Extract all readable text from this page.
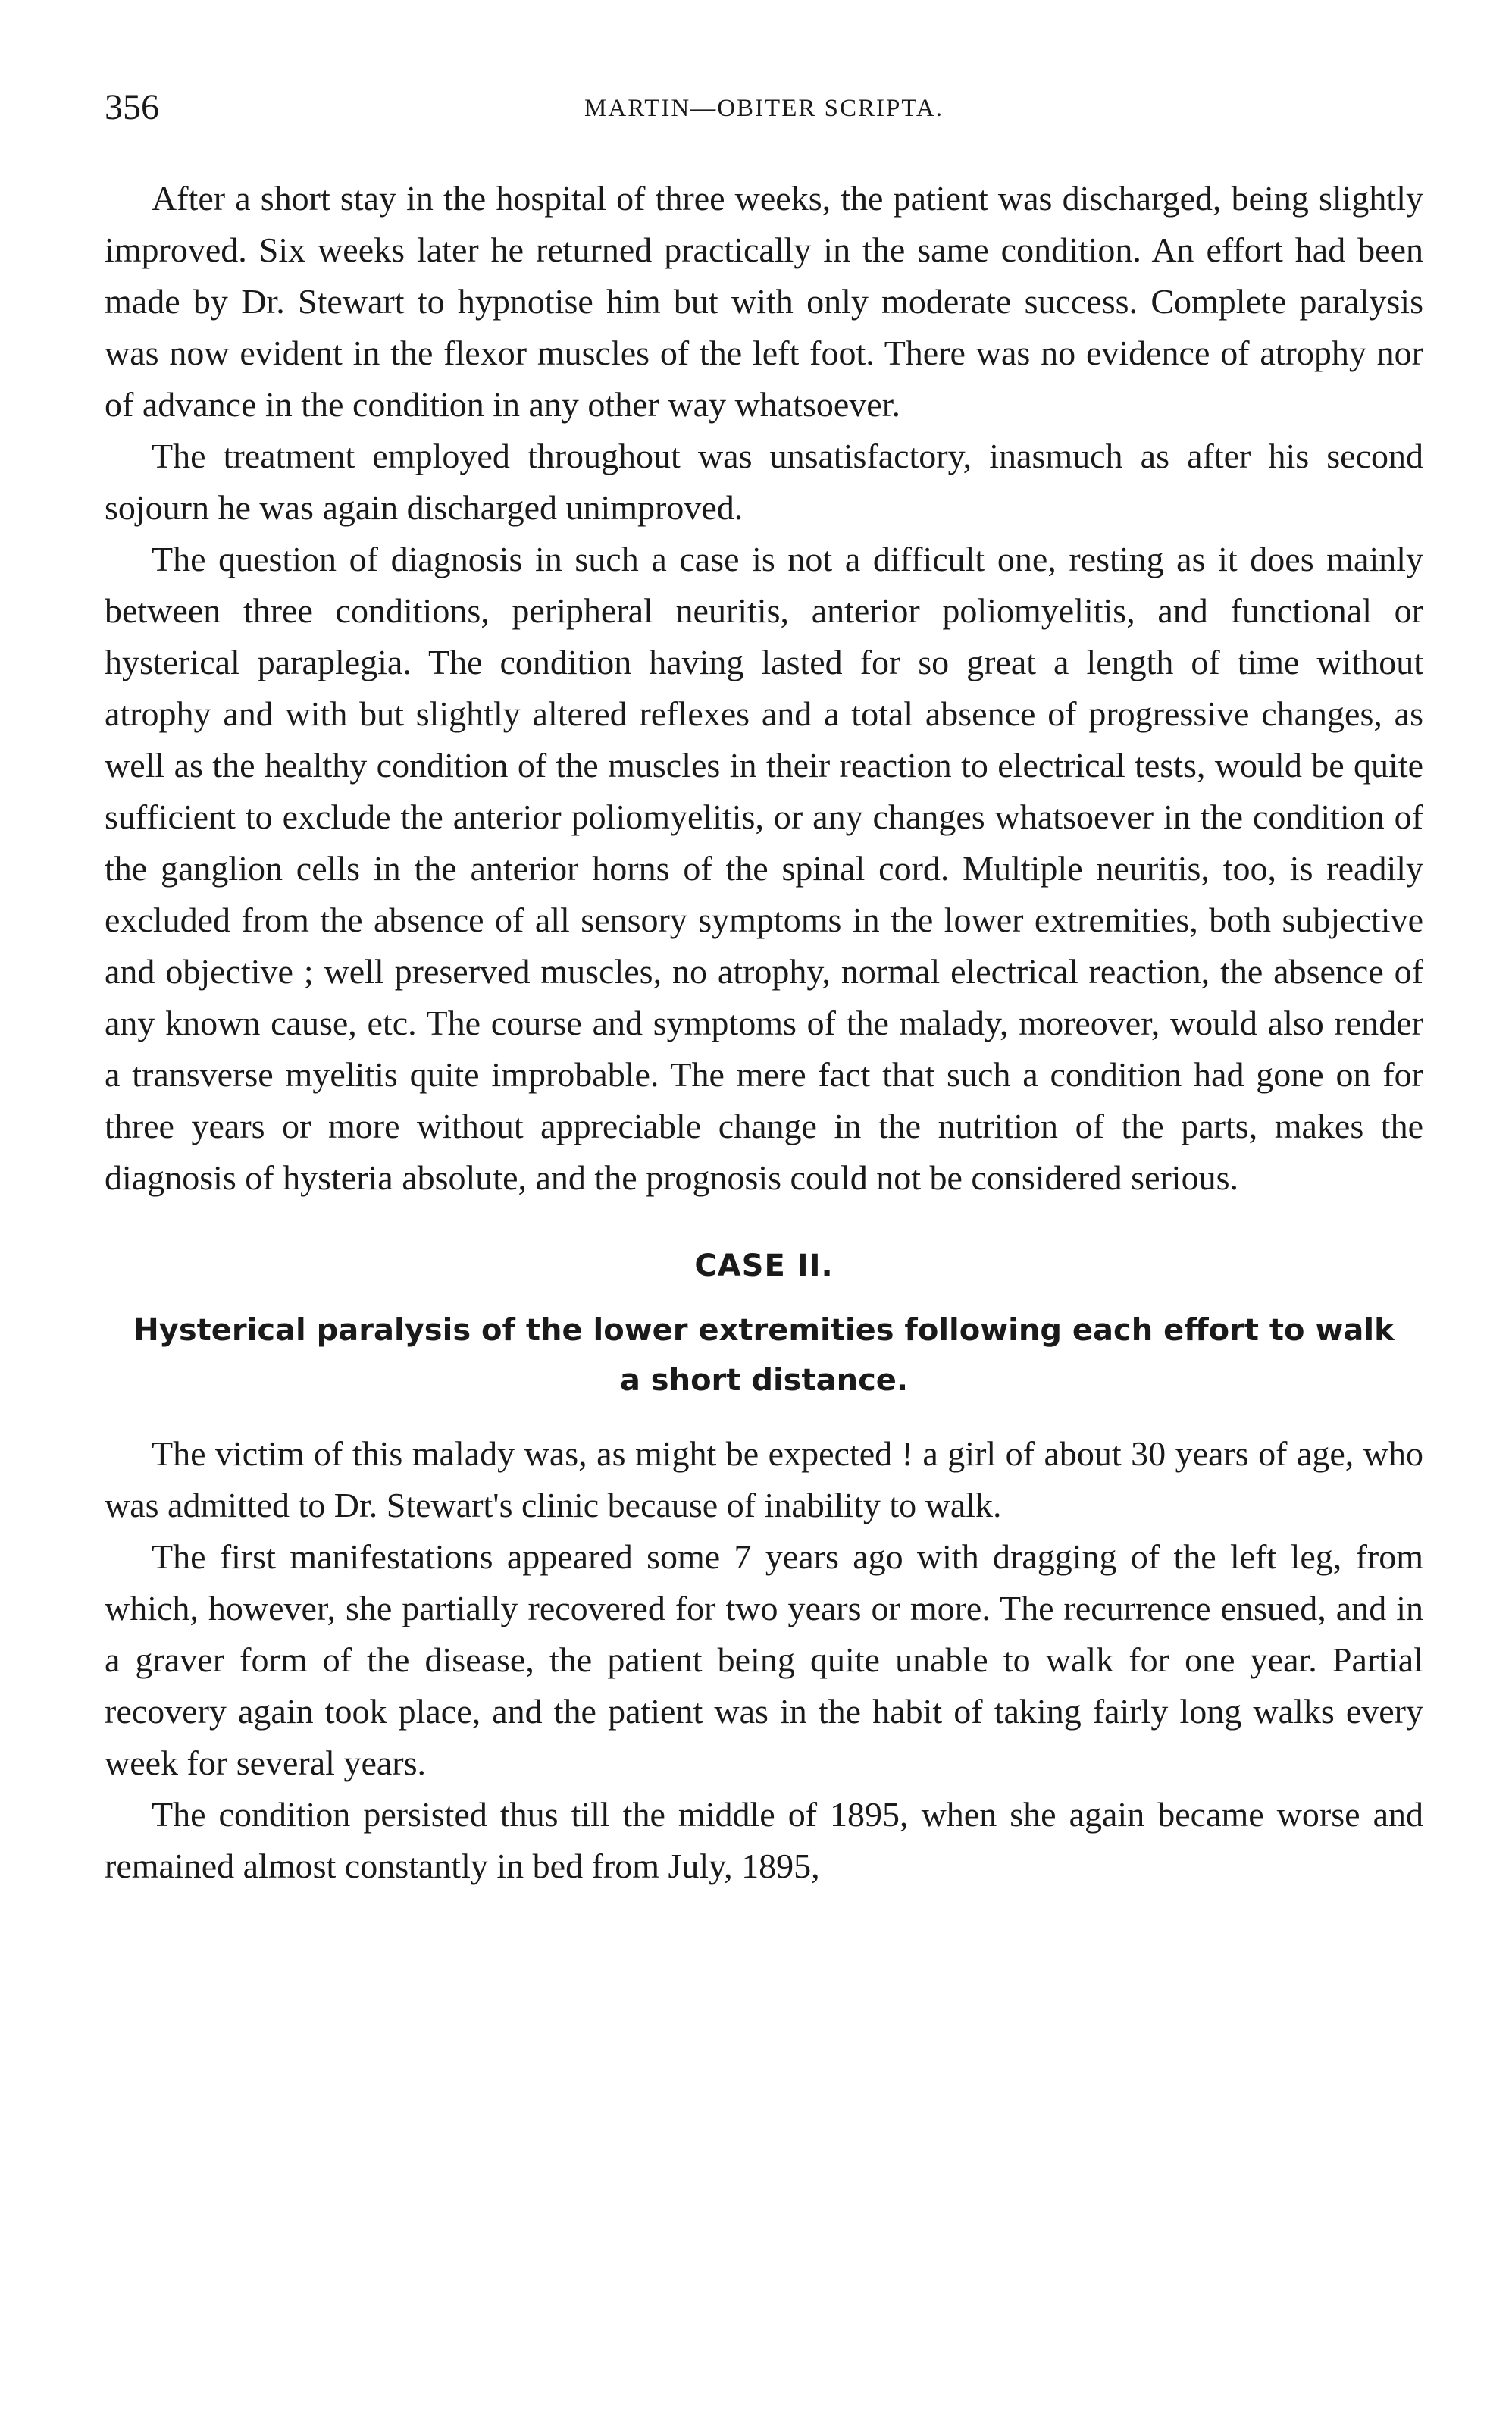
356	MARTIN—OBITER SCRIPTA.

After a short stay in the hospital of three weeks, the patient was discharged, being slightly improved. Six weeks later he returned practically in the same condition. An effort had been made by Dr. Stewart to hypnotise him but with only moderate success. Complete paralysis was now evident in the flexor muscles of the left foot. There was no evidence of atrophy nor of advance in the condition in any other way whatsoever.

The treatment employed throughout was unsatisfactory, inasmuch as after his second sojourn he was again discharged unimproved.

The question of diagnosis in such a case is not a difficult one, resting as it does mainly between three conditions, peripheral neuritis, anterior poliomyelitis, and functional or hysterical paraplegia. The condition having lasted for so great a length of time without atrophy and with but slightly altered reflexes and a total absence of progressive changes, as well as the healthy condition of the muscles in their reaction to electrical tests, would be quite sufficient to exclude the anterior poliomyelitis, or any changes whatsoever in the condition of the ganglion cells in the anterior horns of the spinal cord. Multiple neuritis, too, is readily excluded from the absence of all sensory symptoms in the lower extremities, both subjective and objective ; well preserved muscles, no atrophy, normal electrical reaction, the absence of any known cause, etc. The course and symptoms of the malady, moreover, would also render a transverse myelitis quite improbable. The mere fact that such a condition had gone on for three years or more without appreciable change in the nutrition of the parts, makes the diagnosis of hysteria absolute, and the prognosis could not be considered serious.

CASE II.
Hysterical paralysis of the lower extremities following each effort to walk a short distance.

The victim of this malady was, as might be expected ! a girl of about 30 years of age, who was admitted to Dr. Stewart's clinic because of inability to walk.

The first manifestations appeared some 7 years ago with dragging of the left leg, from which, however, she partially recovered for two years or more. The recurrence ensued, and in a graver form of the disease, the patient being quite unable to walk for one year. Partial recovery again took place, and the patient was in the habit of taking fairly long walks every week for several years.

The condition persisted thus till the middle of 1895, when she again became worse and remained almost constantly in bed from July, 1895,
